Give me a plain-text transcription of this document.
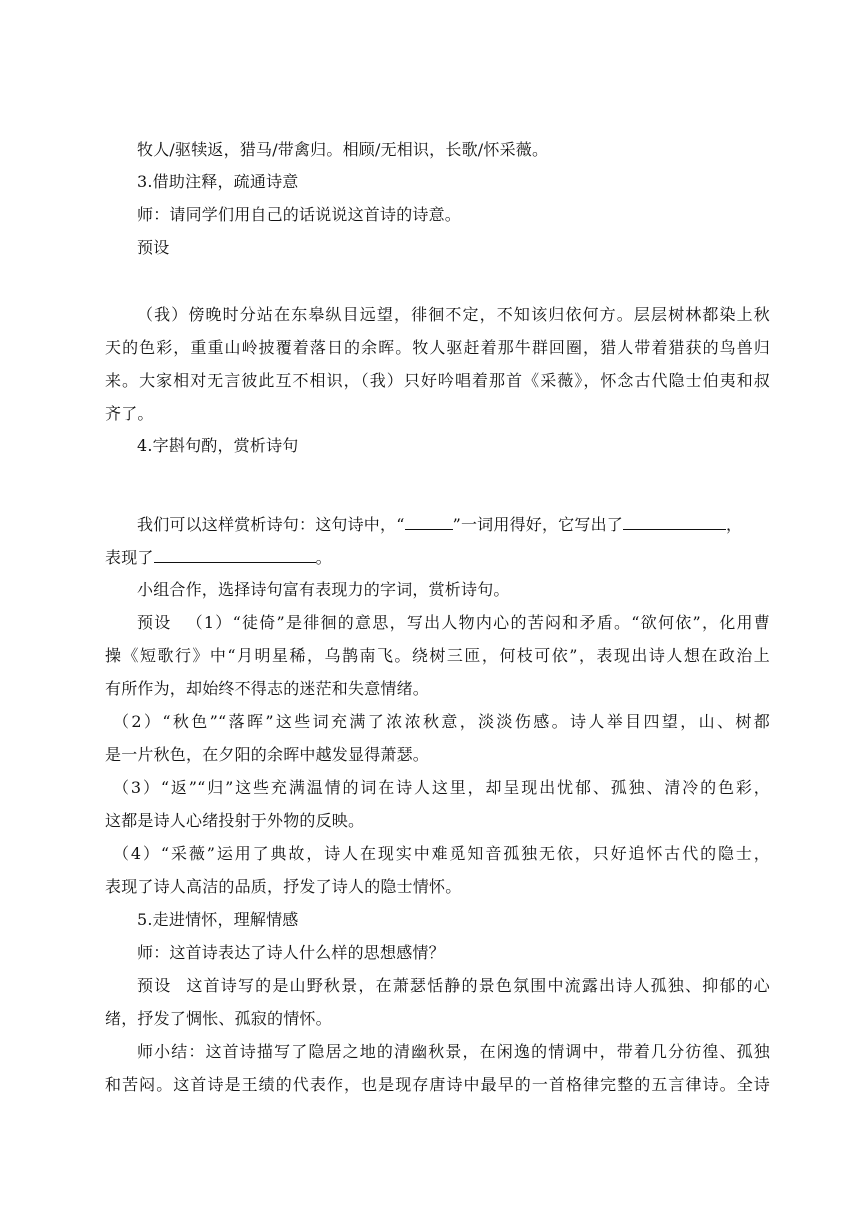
牧人/驱犊返，猎马/带禽归。相顾/无相识，长歌/怀采薇。
3.借助注释，疏通诗意
师：请同学们用自己的话说说这首诗的诗意。
预设
（我）傍晚时分站在东皋纵目远望，徘徊不定，不知该归依何方。层层树林都染上秋
天的色彩，重重山岭披覆着落日的余晖。牧人驱赶着那牛群回圈，猎人带着猎获的鸟兽归
来。大家相对无言彼此互不相识，（我）只好吟唱着那首《采薇》，怀念古代隐士伯夷和叔
齐了。
4.字斟句酌，赏析诗句
我们可以这样赏析诗句：这句诗中，“	”一词用得好，它写出了	，
表现了	。
小组合作，选择诗句富有表现力的字词，赏析诗句。
预设 （1）“徒倚”是徘徊的意思，写出人物内心的苦闷和矛盾。“欲何依”，化用曹
操《短歌行》中“月明星稀，乌鹊南飞。绕树三匝，何枝可依”，表现出诗人想在政治上
有所作为，却始终不得志的迷茫和失意情绪。
（2）“秋色”“落晖”这些词充满了浓浓秋意，淡淡伤感。诗人举目四望，山、树都
是一片秋色，在夕阳的余晖中越发显得萧瑟。
（3）“返”“归”这些充满温情的词在诗人这里，却呈现出忧郁、孤独、清冷的色彩，
这都是诗人心绪投射于外物的反映。
（4）“采薇”运用了典故，诗人在现实中难觅知音孤独无依，只好追怀古代的隐士，
表现了诗人高洁的品质，抒发了诗人的隐士情怀。
5.走进情怀，理解情感
师：这首诗表达了诗人什么样的思想感情？
预设 这首诗写的是山野秋景，在萧瑟恬静的景色氛围中流露出诗人孤独、抑郁的心
绪，抒发了惆怅、孤寂的情怀。
师小结：这首诗描写了隐居之地的清幽秋景，在闲逸的情调中，带着几分彷徨、孤独
和苦闷。这首诗是王绩的代表作，也是现存唐诗中最早的一首格律完整的五言律诗。全诗
